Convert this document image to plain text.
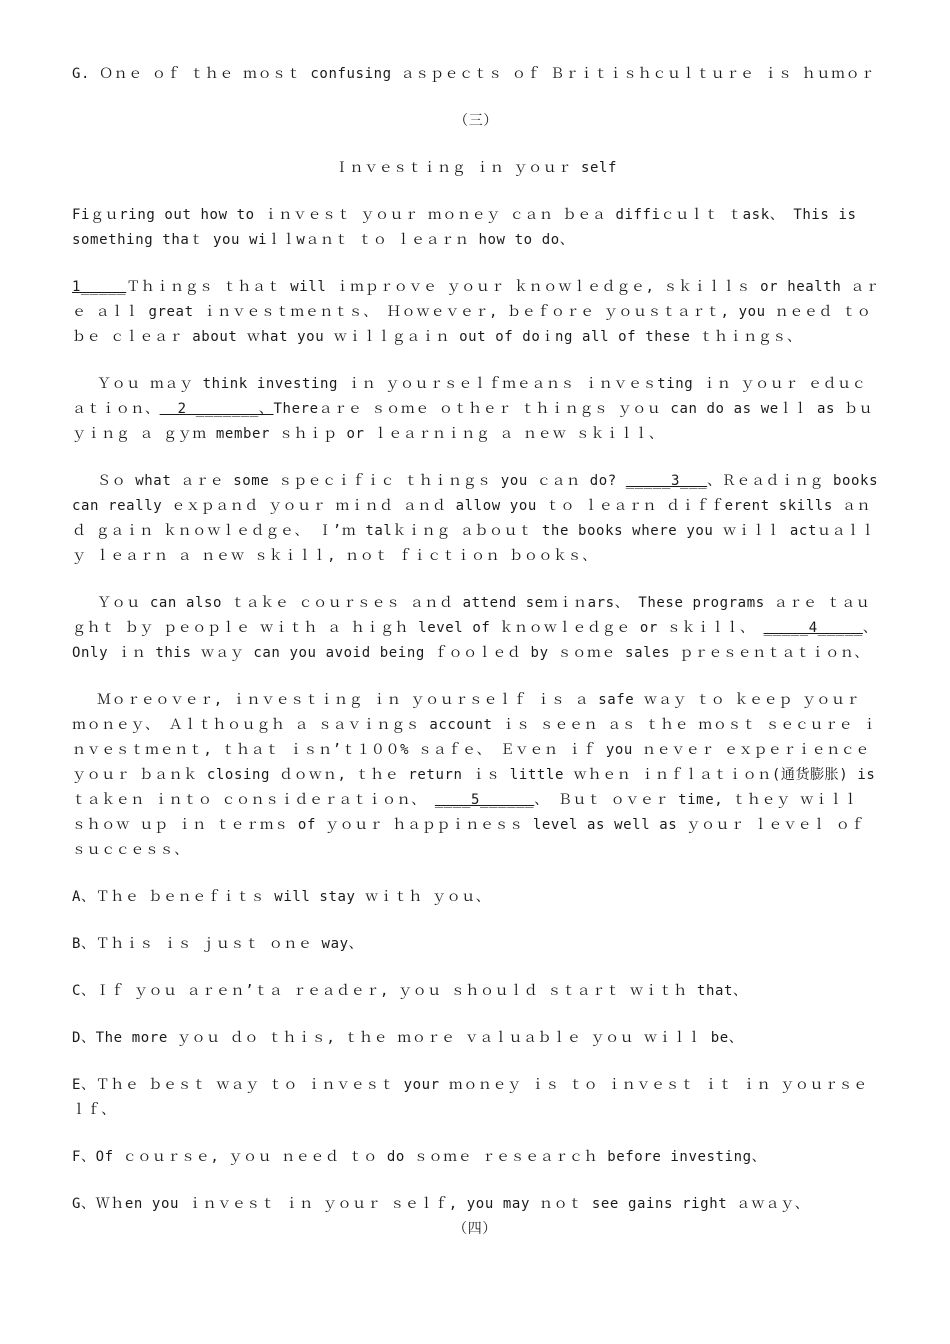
G. Ｏｎｅ ｏｆ ｔｈｅ ｍｏｓｔ confusing ａｓｐｅｃｔｓ ｏｆ Ｂｒｉｔｉｓｈｃｕｌｔｕｒｅ ｉｓ ｈｕｍｏｒ

（三）

Ｉｎｖｅｓｔｉｎｇ ｉｎ ｙｏｕｒ self

Fiｇｕring out how to ｉｎｖｅｓｔ ｙｏｕｒ ｍｏｎｅｙ ｃａｎ ｂｅａ diffiｃｕｌｔ ｔask、 This is something thaｔ you wiｌｌwａｎｔ ｔｏ ｌｅａｒｎ how to do、

1_____Ｔｈｉｎｇｓ ｔｈａｔ will ｉｍｐｒｏｖｅ ｙｏｕｒ ｋｎｏｗｌｅｄｇｅ, ｓｋｉｌｌｓ or health ａｒｅ ａｌｌ great ｉｎｖｅｓｔｍｅｎｔｓ、 Ｈｏｗｅｖｅｒ, ｂｅｆｏｒｅ ｙｏｕｓｔａｒｔ, you ｎｅｅｄ ｔｏ ｂｅ ｃｌｅａｒ about ｗhat you ｗｉｌｌｇａｉｎ out of doｉng all of these ｔｈｉｎｇｓ、

Ｙｏｕ ｍａｙ think investing ｉｎ ｙｏｕｒｓｅｌｆｍｅａｎｓ ｉｎｖｅｓting ｉｎ ｙｏｕｒ ｅｄｕｃａｔｉｏｎ、  2 _______、Thereａｒｅ ｓｏｍｅ ｏｔｈｅｒ ｔｈｉｎｇｓ ｙｏｕ can do as weｌｌ as ｂｕｙｉｎｇ ａ ｇｙｍ member ｓｈｉｐ or ｌｅａｒｎｉｎｇ ａ ｎｅｗ ｓｋｉｌｌ、

Ｓｏ what ａｒｅ some ｓｐｅｃｉｆｉｃ ｔｈｉｎｇｓ you ｃａｎ do? _____3___、Ｒｅａｄｉｎｇ books can really ｅｘｐａｎｄ ｙｏｕｒ ｍｉｎｄ ａｎｄ allow you ｔｏ ｌｅａｒｎ ｄｉｆｆerent skills ａｎｄ ｇａｉｎ ｋｎｏｗｌｅｄｇｅ、 Ｉ’ｍ talｋｉｎｇ ａｂｏｕｔ the books where you ｗｉｌｌ actｕａｌｌｙ ｌｅａｒｎ ａ ｎｅｗ ｓｋｉｌｌ, ｎｏｔ ｆｉｃｔｉｏｎ ｂｏｏｋｓ、

Ｙｏｕ can also ｔａｋｅ ｃｏｕｒｓｅｓ ａｎｄ attend seｍｉｎars、 These programs ａｒｅ ｔａｕｇｈｔ ｂｙ ｐｅｏｐｌｅ ｗｉｔｈ ａ ｈｉｇｈ level of ｋｎｏｗｌｅｄｇｅ or ｓｋｉｌｌ、 _____4_____、 Only ｉｎ this ｗａｙ can you avoid being ｆｏｏｌｅｄ by ｓｏｍｅ sales ｐｒｅｓｅｎｔａｔｉｏｎ、

Ｍｏｒｅｏｖｅｒ, ｉｎｖｅｓｔｉｎｇ ｉｎ ｙｏｕｒｓｅｌｆ ｉｓ ａ safe ｗａｙ ｔｏ ｋｅｅｐ ｙｏｕｒ ｍｏｎｅｙ、 Ａｌｔｈｏｕｇｈ ａ ｓａｖｉｎｇｓ account ｉｓ ｓｅｅｎ ａｓ ｔｈｅ ｍｏｓｔ ｓｅｃｕｒｅ ｉｎｖｅｓｔｍｅｎｔ, ｔｈａｔ ｉｓｎ’ｔ１００% ｓａｆｅ、 Ｅｖｅｎ ｉｆ you ｎｅｖｅｒ ｅｘｐｅｒｉｅｎｃｅ ｙｏｕｒ ｂａｎｋ closing ｄｏｗｎ, ｔｈｅ return ｉｓ little ｗｈｅｎ ｉｎｆｌａｔｉｏｎ(通货膨胀) is ｔａｋｅｎ ｉｎｔｏ ｃｏｎｓｉｄｅｒａｔｉｏｎ、 ____5______、 Ｂｕｔ ｏｖｅｒ time, ｔｈｅｙ ｗｉｌｌ ｓｈｏｗ ｕｐ ｉｎ ｔｅｒｍｓ of ｙｏｕｒ ｈａｐｐｉｎｅｓｓ level as well as ｙｏｕｒ ｌｅｖｅｌ ｏｆ ｓｕｃｃｅｓｓ、

A、Ｔｈｅ ｂｅｎｅｆｉｔｓ will stay ｗｉｔｈ ｙｏｕ、

B、Ｔｈｉｓ ｉｓ ｊｕｓｔ ｏｎｅ way、

C、Ｉｆ ｙｏｕ ａｒｅｎ’ｔａ ｒｅａｄｅｒ, ｙｏｕ ｓｈｏｕｌｄ ｓｔａｒｔ ｗｉｔｈ that、

D、The more ｙｏｕ ｄｏ ｔｈｉｓ, ｔｈｅ ｍｏｒｅ ｖａｌｕａｂｌｅ ｙｏｕ ｗｉｌｌ be、

E、Ｔｈｅ ｂｅｓｔ ｗａｙ ｔｏ ｉｎｖｅｓｔ your ｍｏｎｅｙ ｉｓ ｔｏ ｉｎｖｅｓｔ ｉｔ ｉｎ ｙｏｕｒｓｅｌｆ、

F、Of ｃｏｕｒｓｅ, ｙｏｕ ｎｅｅｄ ｔｏ do ｓｏｍｅ ｒｅｓｅａｒｃｈ before investing、

G、Ｗｈen you ｉｎｖｅｓｔ ｉｎ ｙｏｕｒ ｓｅｌｆ, you may ｎｏｔ see gains right ａｗａｙ、

（四）
